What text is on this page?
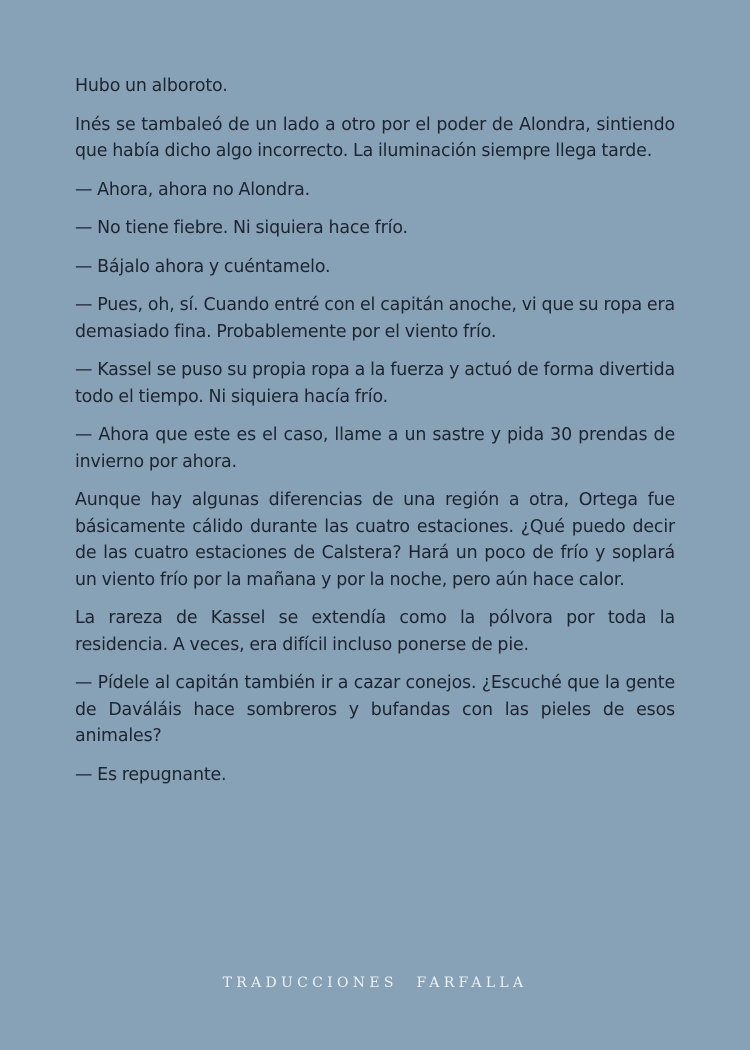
Hubo un alboroto.

Inés se tambaleó de un lado a otro por el poder de Alondra, sintiendo que había dicho algo incorrecto. La iluminación siempre llega tarde.

— Ahora, ahora no Alondra.

— No tiene fiebre. Ni siquiera hace frío.

— Bájalo ahora y cuéntamelo.

— Pues, oh, sí. Cuando entré con el capitán anoche, vi que su ropa era demasiado fina. Probablemente por el viento frío.

— Kassel se puso su propia ropa a la fuerza y actuó de forma divertida todo el tiempo. Ni siquiera hacía frío.

— Ahora que este es el caso, llame a un sastre y pida 30 prendas de invierno por ahora.

Aunque hay algunas diferencias de una región a otra, Ortega fue básicamente cálido durante las cuatro estaciones. ¿Qué puedo decir de las cuatro estaciones de Calstera? Hará un poco de frío y soplará un viento frío por la mañana y por la noche, pero aún hace calor.

La rareza de Kassel se extendía como la pólvora por toda la residencia. A veces, era difícil incluso ponerse de pie.

— Pídele al capitán también ir a cazar conejos. ¿Escuché que la gente de Daváláis hace sombreros y bufandas con las pieles de esos animales?

— Es repugnante.

TRADUCCIONES FARFALLA
